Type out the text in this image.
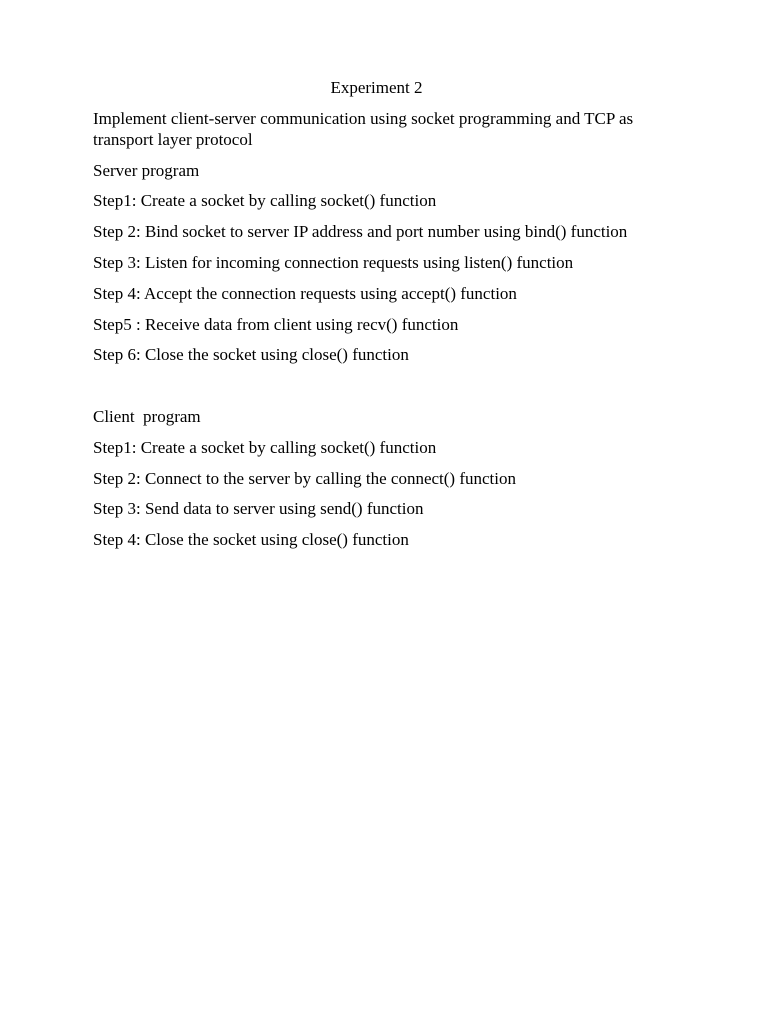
Experiment 2

Implement client-server communication using socket programming and TCP as transport layer protocol

Server program

Step1: Create a socket by calling socket() function

Step 2: Bind socket to server IP address and port number using bind() function

Step 3: Listen for incoming connection requests using listen() function

Step 4: Accept the connection requests using accept() function

Step5 : Receive data from client using recv() function

Step 6: Close the socket using close() function

Client  program

Step1: Create a socket by calling socket() function

Step 2: Connect to the server by calling the connect() function

Step 3: Send data to server using send() function

Step 4: Close the socket using close() function
